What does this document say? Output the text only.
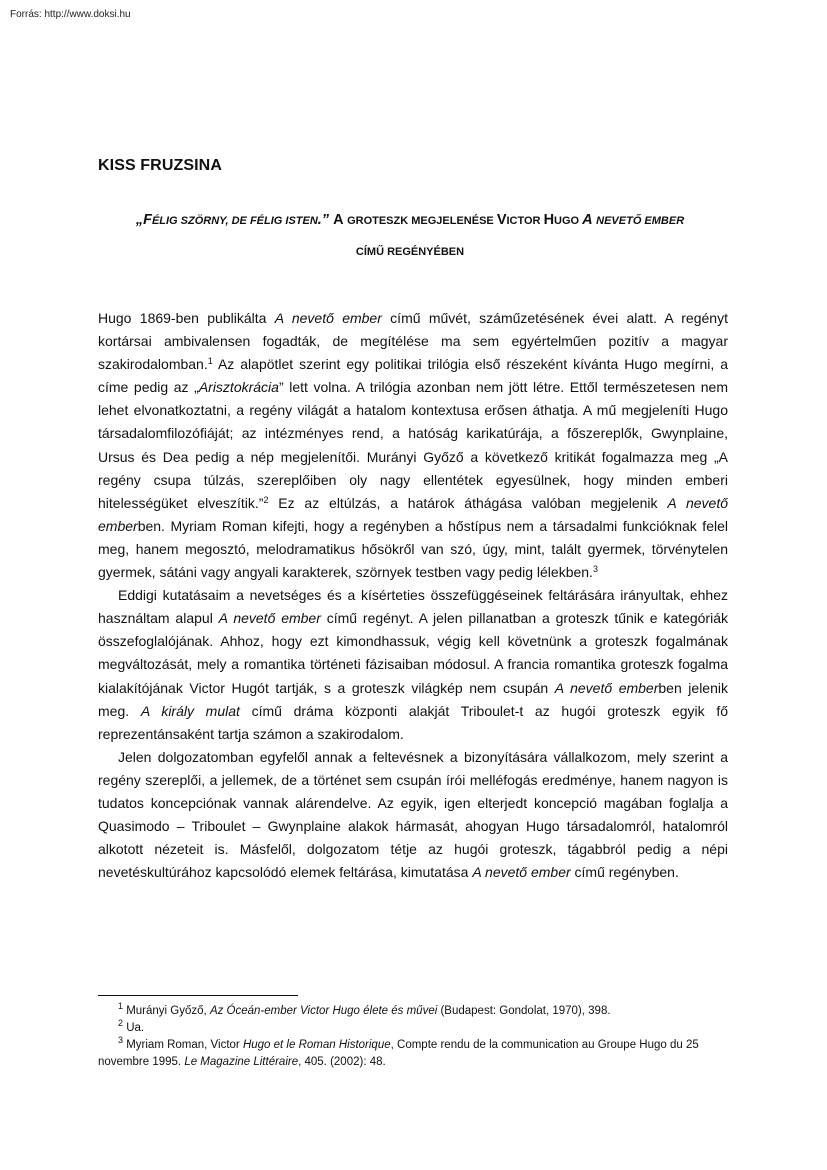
Forrás: http://www.doksi.hu
KISS FRUZSINA
„FÉLIG SZÖRNY, DE FÉLIG ISTEN.” A GROTESZK MEGJELENÉSE VICTOR HUGO A NEVETŐ EMBER CÍMŰ REGÉNYÉBEN

Hugo 1869-ben publikálta A nevető ember című művét, száműzetésének évei alatt. A regényt kortársai ambivalensen fogadták, de megítélése ma sem egyértelműen pozitív a magyar szakirodalomban.$^1$ Az alapötlet szerint egy politikai trilógia első részeként kívánta Hugo megírni, a címe pedig az „Arisztokrácia” lett volna. A trilógia azonban nem jött létre. Ettől természetesen nem lehet elvonatkoztatni, a regény világát a hatalom kontextusa erősen áthatja. A mű megjeleníti Hugo társadalomfilozófiáját; az intézményes rend, a hatóság karikatúrája, a főszereplők, Gwynplaine, Ursus és Dea pedig a nép megjelenítői. Murányi Győző a következő kritikát fogalmazza meg „A regény csupa túlzás, szereplőiben oly nagy ellentétek egyesülnek, hogy minden emberi hitelességüket elveszítik.”$^2$ Ez az eltúlzás, a határok áthágása valóban megjelenik A nevető emberben. Myriam Roman kifejti, hogy a regényben a hőstípus nem a társadalmi funkcióknak felel meg, hanem megosztó, melodramatikus hősökről van szó, úgy, mint, talált gyermek, törvénytelen gyermek, sátáni vagy angyali karakterek, szörnyek testben vagy pedig lélekben.$^3$

Eddigi kutatásaim a nevetséges és a kísérteties összefüggéseinek feltárására irányultak, ehhez használtam alapul A nevető ember című regényt. A jelen pillanatban a groteszk tűnik e kategóriák összefoglalójának. Ahhoz, hogy ezt kimondhassuk, végig kell követnünk a groteszk fogalmának megváltozását, mely a romantika történeti fázisaiban módosul. A francia romantika groteszk fogalma kialakítójának Victor Hugót tartják, s a groteszk világkép nem csupán A nevető emberben jelenik meg. A király mulat című dráma központi alakját Triboulet-t az hugói groteszk egyik fő reprezentánsaként tartja számon a szakirodalom.

Jelen dolgozatomban egyfelől annak a feltevésnek a bizonyítására vállalkozom, mely szerint a regény szereplői, a jellemek, de a történet sem csupán írói melléfogás eredménye, hanem nagyon is tudatos koncepciónak vannak alárendelve. Az egyik, igen elterjedt koncepció magában foglalja a Quasimodo – Triboulet – Gwynplaine alakok hármasát, ahogyan Hugo társadalomról, hatalomról alkotott nézeteit is. Másfelől, dolgozatom tétje az hugói groteszk, tágabbról pedig a népi nevetéskultúrához kapcsolódó elemek feltárása, kimutatása A nevető ember című regényben.

$^1$ Murányi Győző, Az Óceán-ember Victor Hugo élete és művei (Budapest: Gondolat, 1970), 398.

$^2$ Ua.

$^3$ Myriam Roman, Victor Hugo et le Roman Historique, Compte rendu de la communication au Groupe Hugo du 25 novembre 1995. Le Magazine Littéraire, 405. (2002): 48.
